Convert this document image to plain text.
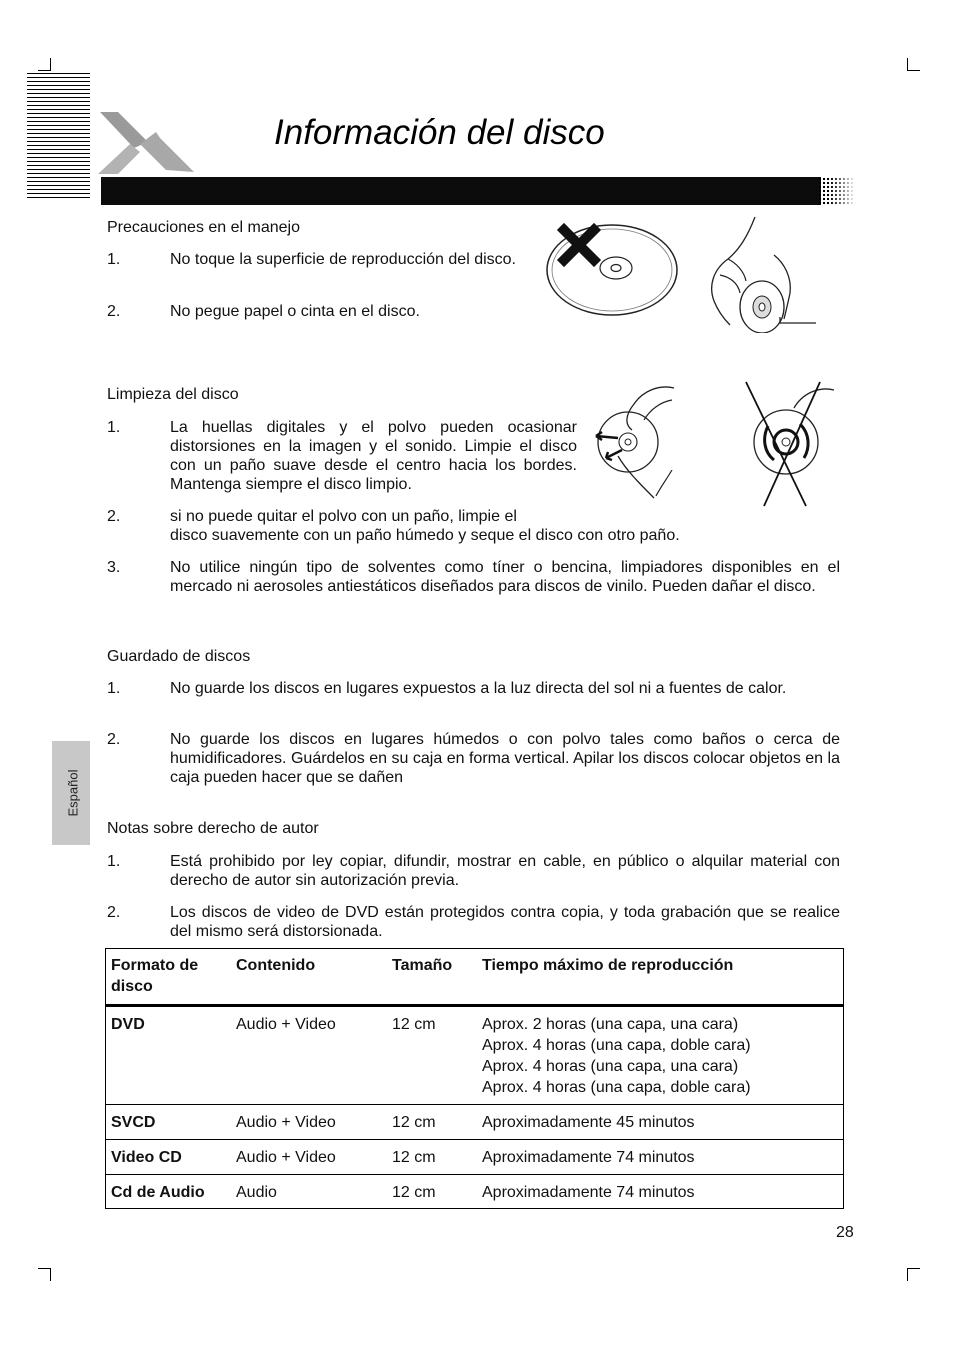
Información del disco
Español
Precauciones en el manejo
1.	No toque la superficie de reproducción del disco.
2.	No pegue papel o cinta en el disco.
Limpieza del disco
1.	La huellas digitales y el polvo pueden ocasionar distorsiones en la imagen y el sonido. Limpie el disco con un paño suave desde el centro hacia los bordes. Mantenga siempre el disco limpio.
2.	si no puede quitar el polvo con un paño, limpie el
disco suavemente con un paño húmedo y seque el disco con otro paño.
3.	No utilice ningún tipo de solventes como tíner o bencina, limpiadores disponibles en el mercado ni aerosoles antiestáticos diseñados para discos de vinilo. Pueden dañar el disco.
Guardado de discos
1.	No guarde los discos en lugares expuestos a la luz directa del sol ni a fuentes de calor.
2.	No guarde los discos en lugares húmedos o con polvo tales como baños o cerca de humidificadores. Guárdelos en su caja en forma vertical. Apilar los discos colocar objetos en la caja pueden hacer que se dañen
Notas sobre derecho de autor
1.	Está prohibido por ley copiar, difundir, mostrar en cable, en público o alquilar material con derecho de autor sin autorización previa.
2.	Los discos de video de DVD están protegidos contra copia, y toda grabación que se realice del mismo será distorsionada.
Formato de disco	Contenido	Tamaño	Tiempo máximo de reproducción
DVD	Audio + Video	12 cm	Aprox. 2 horas (una capa, una cara)
Aprox. 4 horas (una capa, doble cara)
Aprox. 4 horas (una capa, una cara)
Aprox. 4 horas (una capa, doble cara)

SVCD	Audio + Video	12 cm	Aproximadamente 45 minutos
Video CD	Audio + Video	12 cm	Aproximadamente 74 minutos
Cd de Audio	Audio	12 cm	Aproximadamente 74 minutos
28
